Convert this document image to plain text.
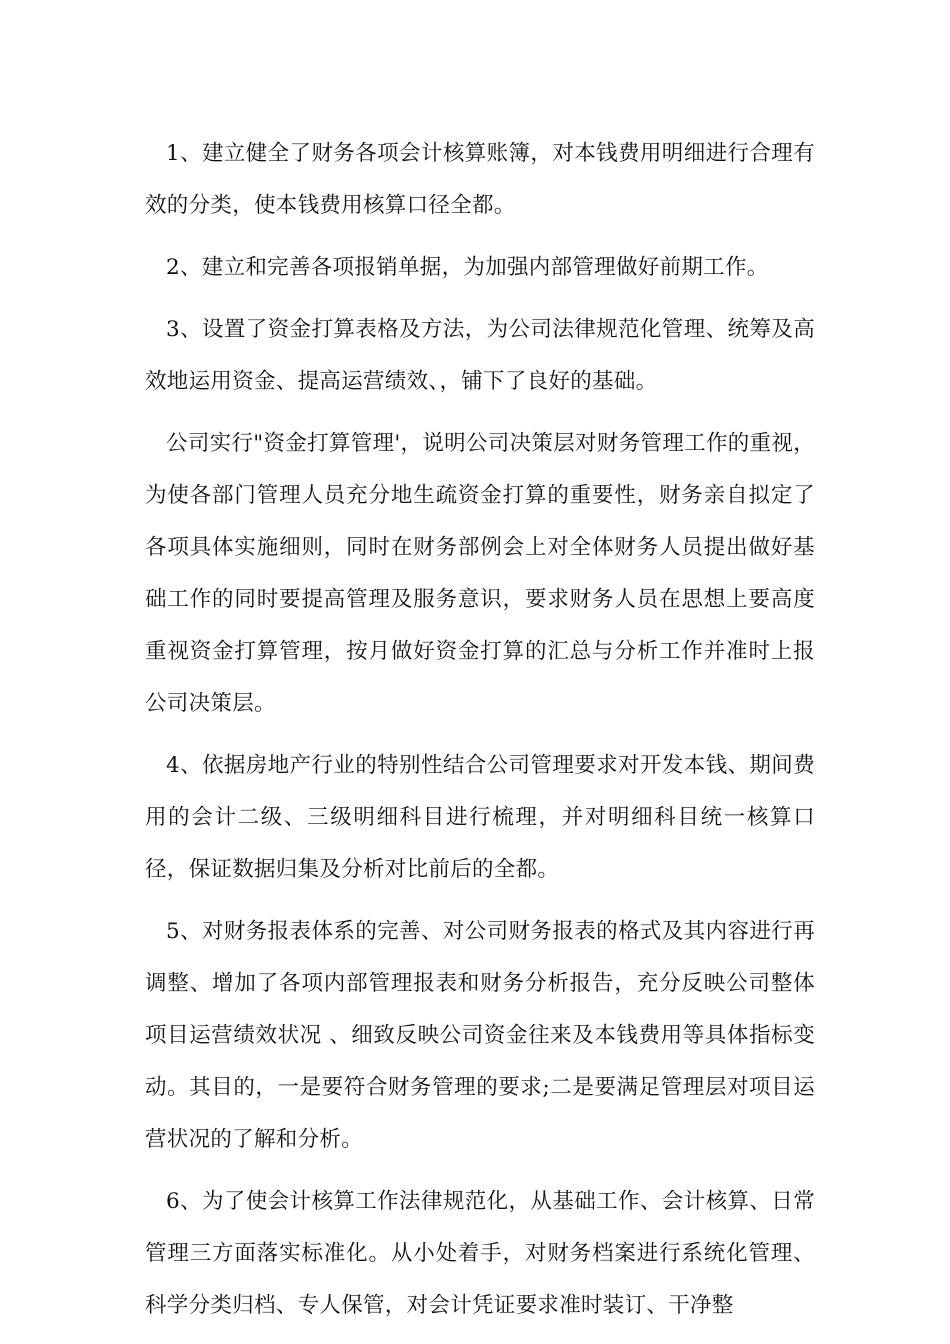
1、建立健全了财务各项会计核算账簿，对本钱费用明细进行合理有效的分类，使本钱费用核算口径全都。

2、建立和完善各项报销单据，为加强内部管理做好前期工作。

3、设置了资金打算表格及方法，为公司法律规范化管理、统筹及高效地运用资金、提高运营绩效、，铺下了良好的基础。

公司实行"资金打算管理'，说明公司决策层对财务管理工作的重视，为使各部门管理人员充分地生疏资金打算的重要性，财务亲自拟定了各项具体实施细则，同时在财务部例会上对全体财务人员提出做好基础工作的同时要提高管理及服务意识，要求财务人员在思想上要高度重视资金打算管理，按月做好资金打算的汇总与分析工作并准时上报公司决策层。

4、依据房地产行业的特别性结合公司管理要求对开发本钱、期间费用的会计二级、三级明细科目进行梳理，并对明细科目统一核算口径，保证数据归集及分析对比前后的全都。

5、对财务报表体系的完善、对公司财务报表的格式及其内容进行再调整、增加了各项内部管理报表和财务分析报告，充分反映公司整体项目运营绩效状况 、细致反映公司资金往来及本钱费用等具体指标变动。其目的，一是要符合财务管理的要求;二是要满足管理层对项目运营状况的了解和分析。

6、为了使会计核算工作法律规范化，从基础工作、会计核算、日常管理三方面落实标准化。从小处着手，对财务档案进行系统化管理、科学分类归档、专人保管，对会计凭证要求准时装订、干净整
